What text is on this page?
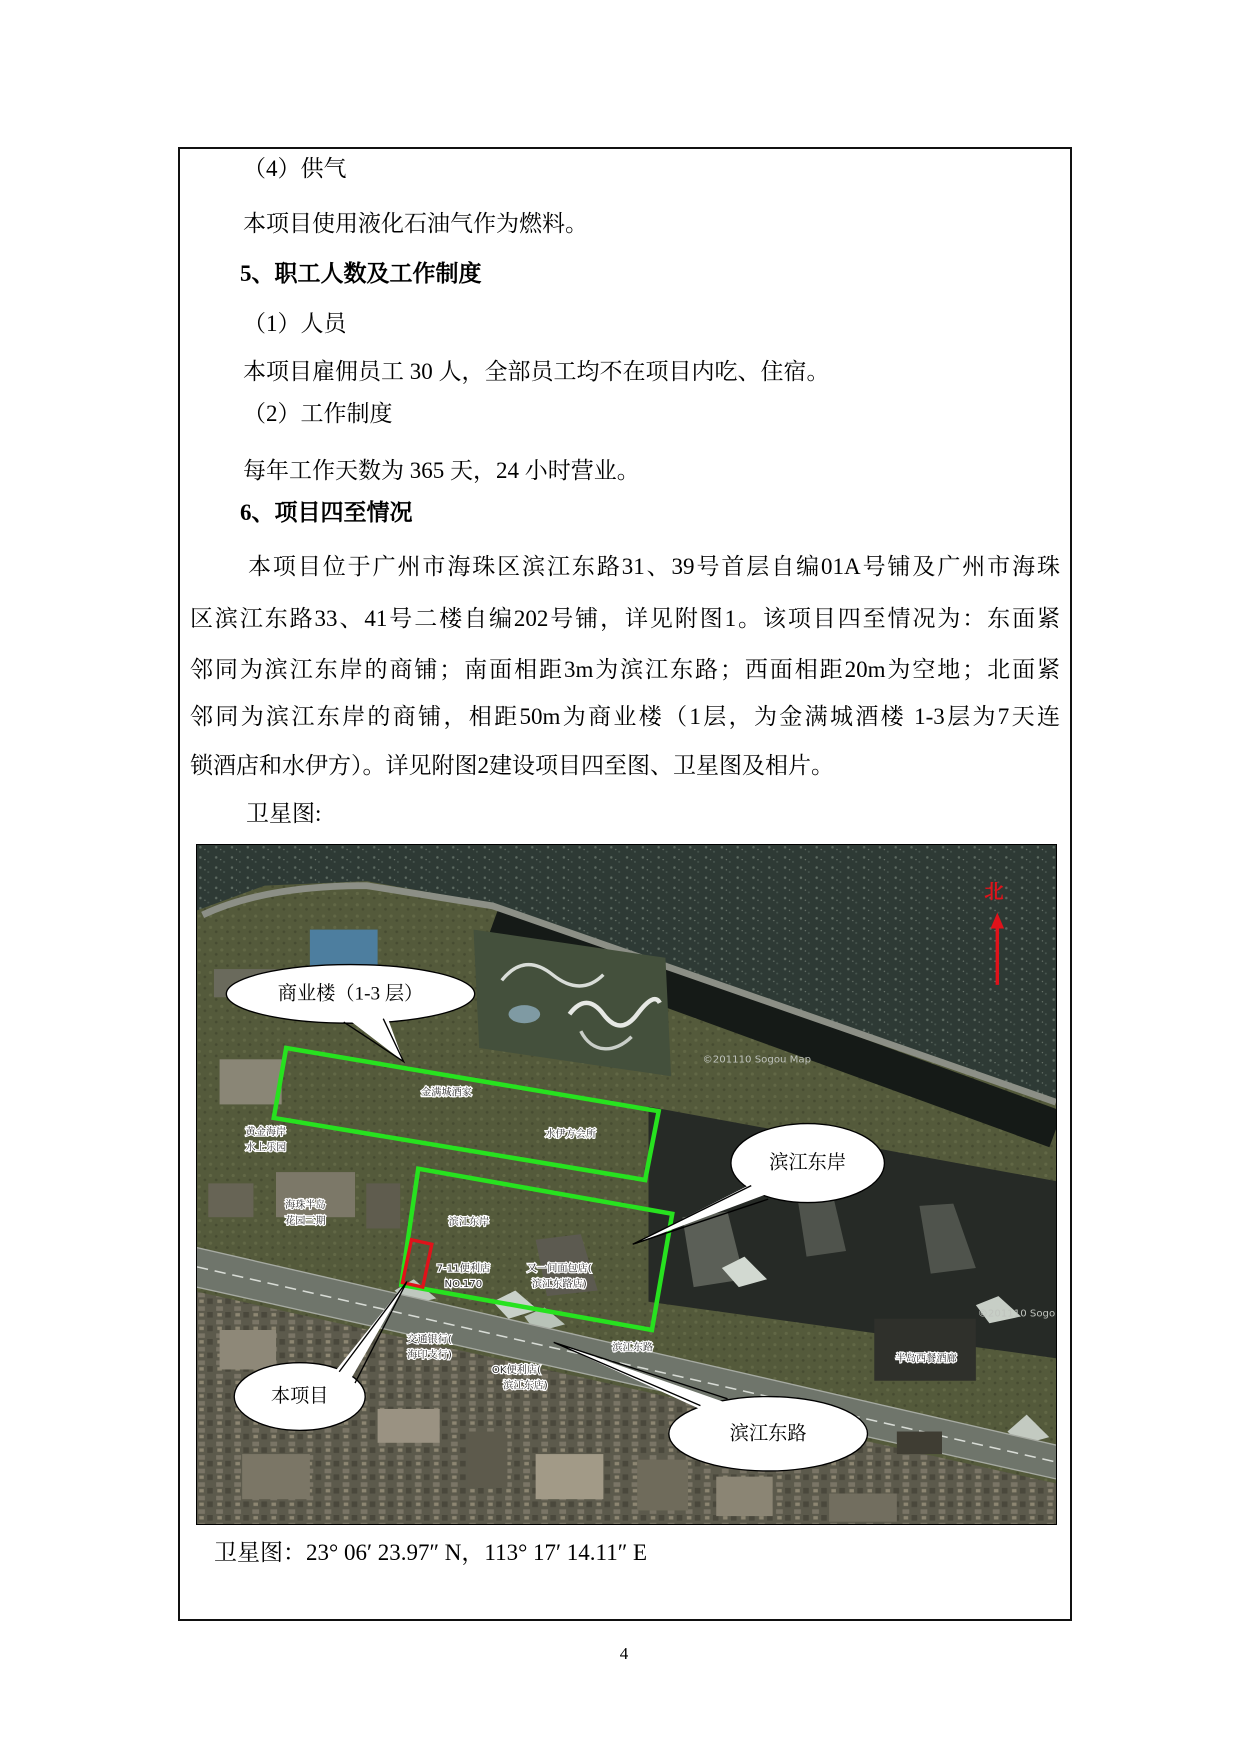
（4）供气
本项目使用液化石油气作为燃料。
5、职工人数及工作制度
（1）人员
本项目雇佣员工 30 人，全部员工均不在项目内吃、住宿。
（2）工作制度
每年工作天数为 365 天，24 小时营业。
6、项目四至情况
本项目位于广州市海珠区滨江东路31、39号首层自编01A号铺及广州市海珠
区滨江东路33、41号二楼自编202号铺，详见附图1。该项目四至情况为：东面紧
邻同为滨江东岸的商铺；南面相距3m为滨江东路；西面相距20m为空地；北面紧
邻同为滨江东岸的商铺，相距50m为商业楼（1层，为金满城酒楼 1-3层为7天连
锁酒店和水伊方）。详见附图2建设项目四至图、卫星图及相片。
卫星图:
金满城酒家
水伊方会所
黄金海岸
水上乐园
海珠半岛
花园三期	滨江东岸
7-11便利店
NO.170
又一间面包店(
滨江东路店)
交通银行(
海印支行)
OK便利店(
滨江东店)
滨江东路
半岛西餐酒廊
©201110 Sogou Map
©201110 Sogo
北
商业楼（1-3 层）
滨江东岸
本项目
滨江东路
卫星图：23° 06′ 23.97″ N，113° 17′ 14.11″ E
4
